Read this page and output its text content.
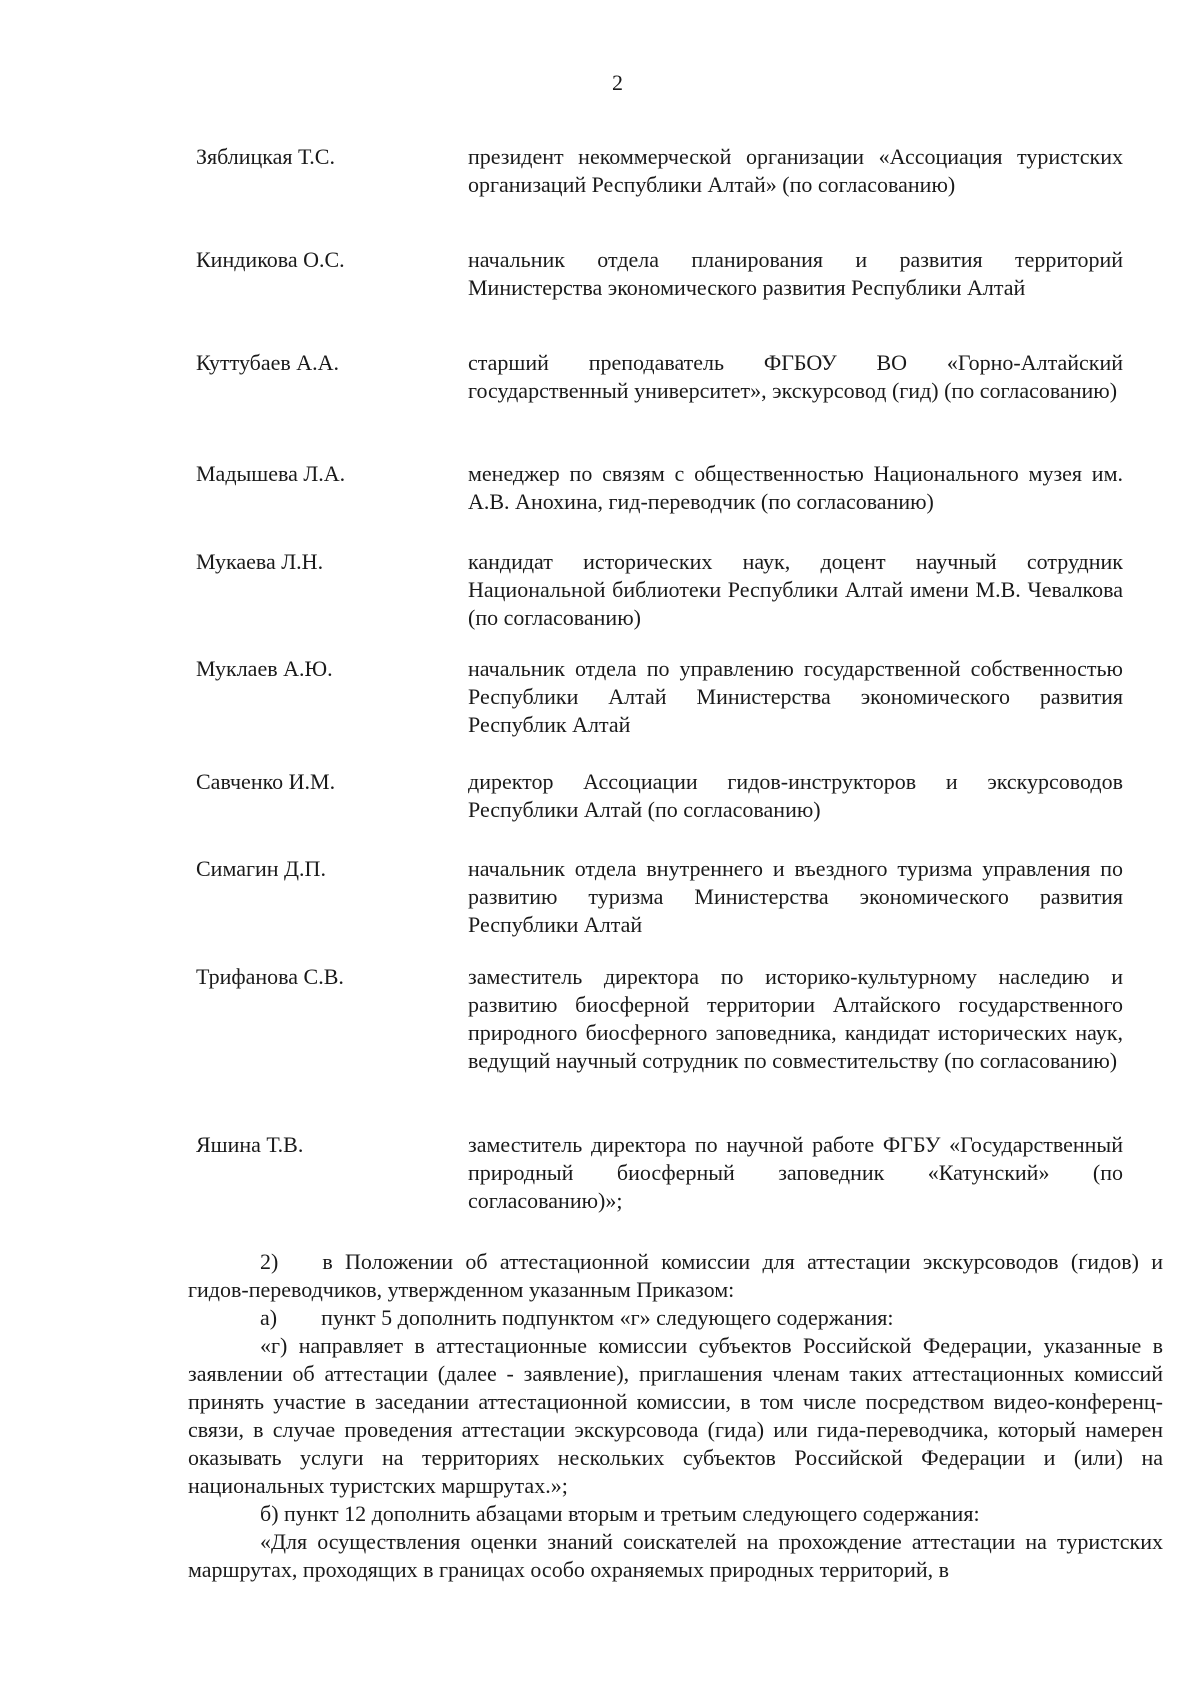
2
Зяблицкая Т.С.	президент некоммерческой организации «Ассоциация туристских организаций Республики Алтай» (по согласованию)
Киндикова О.С.	начальник отдела планирования и развития территорий Министерства экономического развития Республики Алтай
Куттубаев А.А.	старший преподаватель ФГБОУ ВО «Горно-Алтайский государственный университет», экскурсовод (гид) (по согласованию)
Мадышева Л.А.	менеджер по связям с общественностью Национального музея им. А.В. Анохина, гид-переводчик (по согласованию)
Мукаева Л.Н.	кандидат исторических наук, доцент научный сотрудник Национальной библиотеки Республики Алтай имени М.В. Чевалкова (по согласованию)
Муклаев А.Ю.	начальник отдела по управлению государственной собственностью Республики Алтай Министерства экономического развития Республик Алтай
Савченко И.М.	директор Ассоциации гидов-инструкторов и экскурсоводов Республики Алтай (по согласованию)
Симагин Д.П.	начальник отдела внутреннего и въездного туризма управления по развитию туризма Министерства экономического развития Республики Алтай
Трифанова С.В.	заместитель директора по историко-культурному наследию и развитию биосферной территории Алтайского государственного природного биосферного заповедника, кандидат исторических наук, ведущий научный сотрудник по совместительству (по согласованию)
Яшина Т.В.	заместитель директора по научной работе ФГБУ «Государственный природный биосферный заповедник «Катунский» (по согласованию)»;

2) в Положении об аттестационной комиссии для аттестации экскурсоводов (гидов) и гидов-переводчиков, утвержденном указанным Приказом:

а) пункт 5 дополнить подпунктом «г» следующего содержания:

«г) направляет в аттестационные комиссии субъектов Российской Федерации, указанные в заявлении об аттестации (далее - заявление), приглашения членам таких аттестационных комиссий принять участие в заседании аттестационной комиссии, в том числе посредством видео-конференц-связи, в случае проведения аттестации экскурсовода (гида) или гида-переводчика, который намерен оказывать услуги на территориях нескольких субъектов Российской Федерации и (или) на национальных туристских маршрутах.»;

б) пункт 12 дополнить абзацами вторым и третьим следующего содержания:

«Для осуществления оценки знаний соискателей на прохождение аттестации на туристских маршрутах, проходящих в границах особо охраняемых природных территорий, в
